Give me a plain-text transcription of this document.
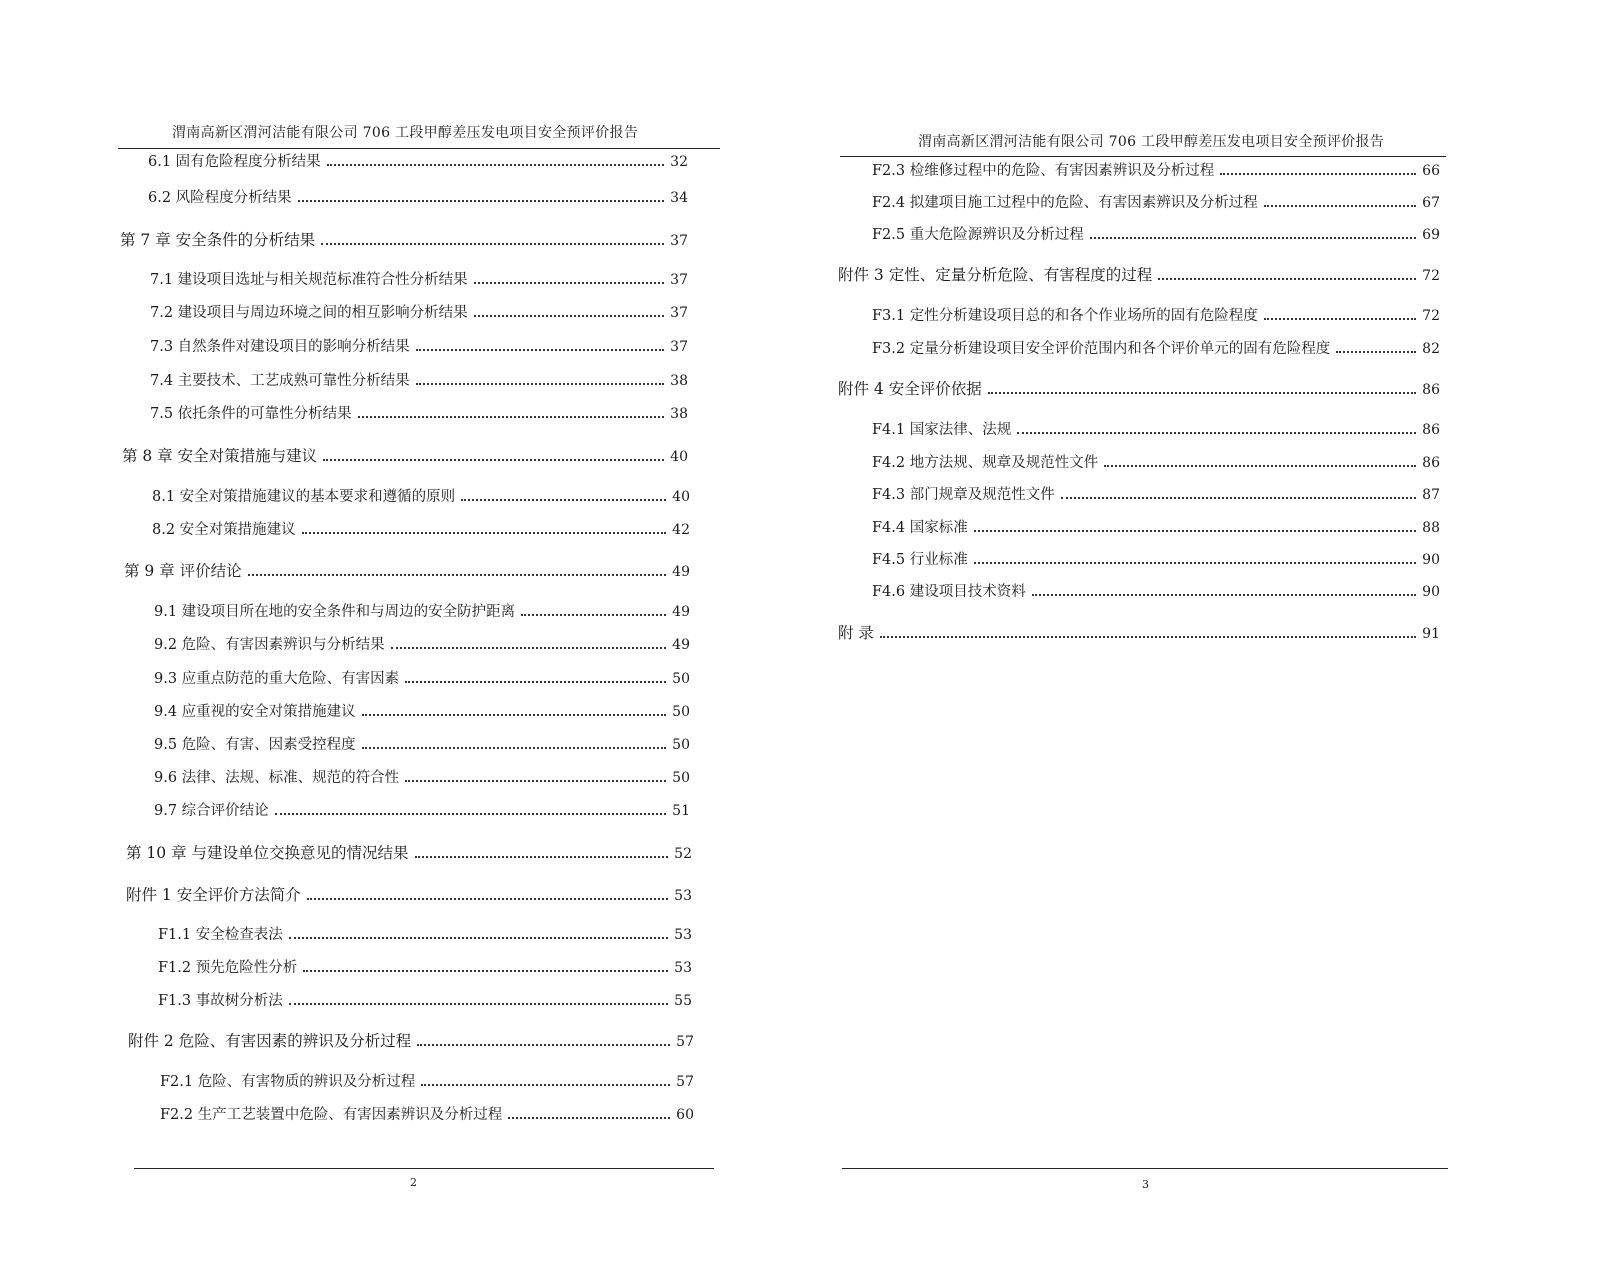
渭南高新区渭河洁能有限公司 706 工段甲醇差压发电项目安全预评价报告
6.1 固有危险程度分析结果	32
6.2 风险程度分析结果	34
第 7 章 安全条件的分析结果	37
7.1 建设项目选址与相关规范标准符合性分析结果	37
7.2 建设项目与周边环境之间的相互影响分析结果	37
7.3 自然条件对建设项目的影响分析结果	37
7.4 主要技术、工艺成熟可靠性分析结果	38
7.5 依托条件的可靠性分析结果	38
第 8 章 安全对策措施与建议	40
8.1 安全对策措施建议的基本要求和遵循的原则	40
8.2 安全对策措施建议	42
第 9 章 评价结论	49
9.1 建设项目所在地的安全条件和与周边的安全防护距离	49
9.2 危险、有害因素辨识与分析结果	49
9.3 应重点防范的重大危险、有害因素	50
9.4 应重视的安全对策措施建议	50
9.5 危险、有害、因素受控程度	50
9.6 法律、法规、标准、规范的符合性	50
9.7 综合评价结论	51
第 10 章 与建设单位交换意见的情况结果	52
附件 1 安全评价方法简介	53
F1.1 安全检查表法	53
F1.2 预先危险性分析	53
F1.3 事故树分析法	55
附件 2 危险、有害因素的辨识及分析过程	57
F2.1 危险、有害物质的辨识及分析过程	57
F2.2 生产工艺装置中危险、有害因素辨识及分析过程	60
2
渭南高新区渭河洁能有限公司 706 工段甲醇差压发电项目安全预评价报告
F2.3 检维修过程中的危险、有害因素辨识及分析过程	66
F2.4 拟建项目施工过程中的危险、有害因素辨识及分析过程	67
F2.5 重大危险源辨识及分析过程	69
附件 3 定性、定量分析危险、有害程度的过程	72
F3.1 定性分析建设项目总的和各个作业场所的固有危险程度	72
F3.2 定量分析建设项目安全评价范围内和各个评价单元的固有危险程度	82
附件 4 安全评价依据	86
F4.1 国家法律、法规	86
F4.2 地方法规、规章及规范性文件	86
F4.3 部门规章及规范性文件	87
F4.4 国家标准	88
F4.5 行业标准	90
F4.6 建设项目技术资料	90
附 录	91
3
